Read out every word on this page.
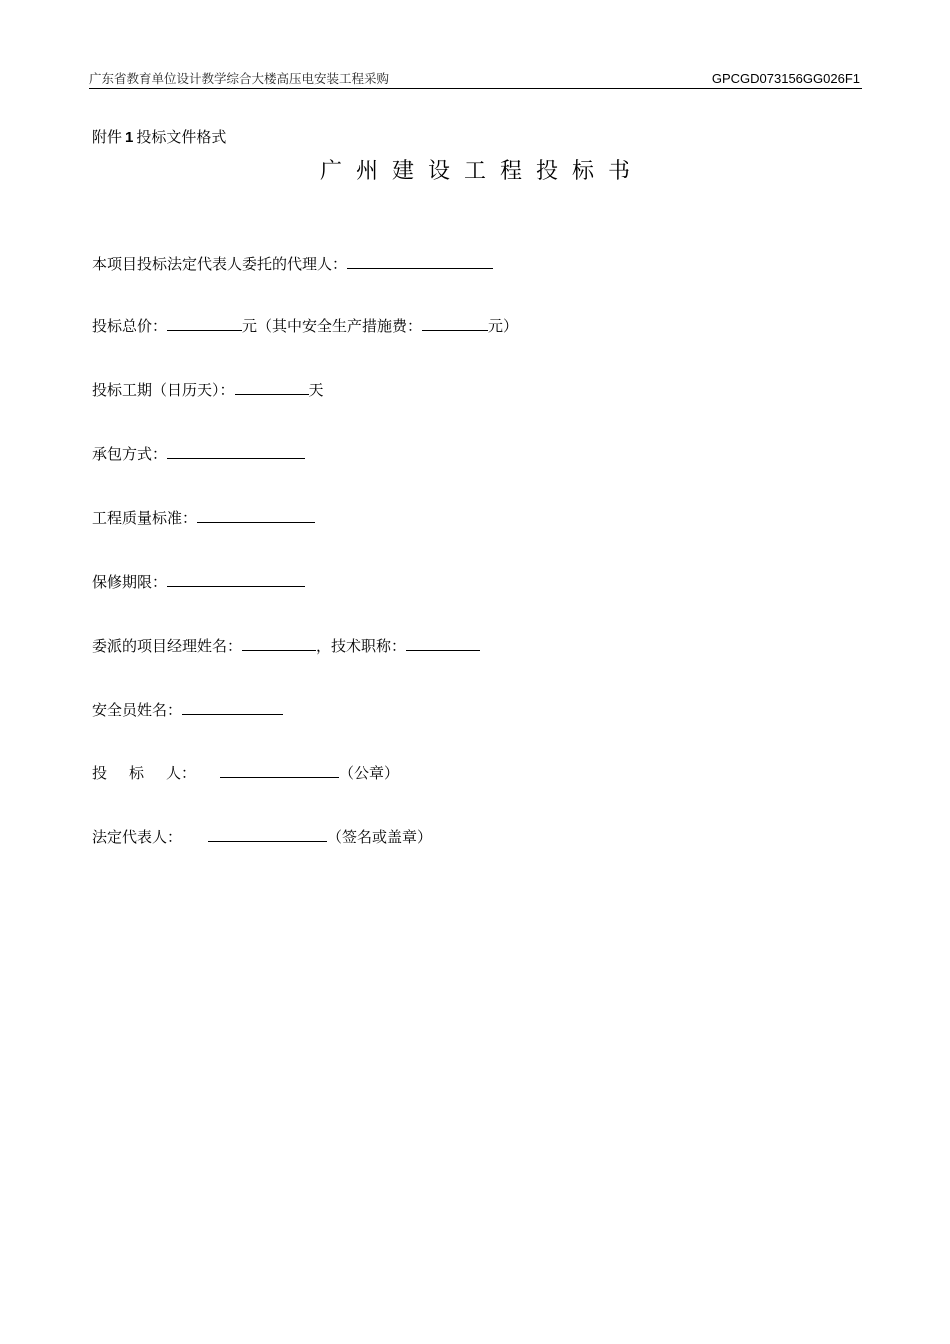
广东省教育单位设计教学综合大楼高压电安装工程采购	GPCGD073156GG026F1
附件 1 投标文件格式
广州建设工程投标书
本项目投标法定代表人委托的代理人：
投标总价：	元（其中安全生产措施费：	元）
投标工期（日历天）：	天
承包方式：
工程质量标准：
保修期限：
委派的项目经理姓名：	，技术职称：
安全员姓名：
投 标 人：	（公章）
法定代表人：	（签名或盖章）
